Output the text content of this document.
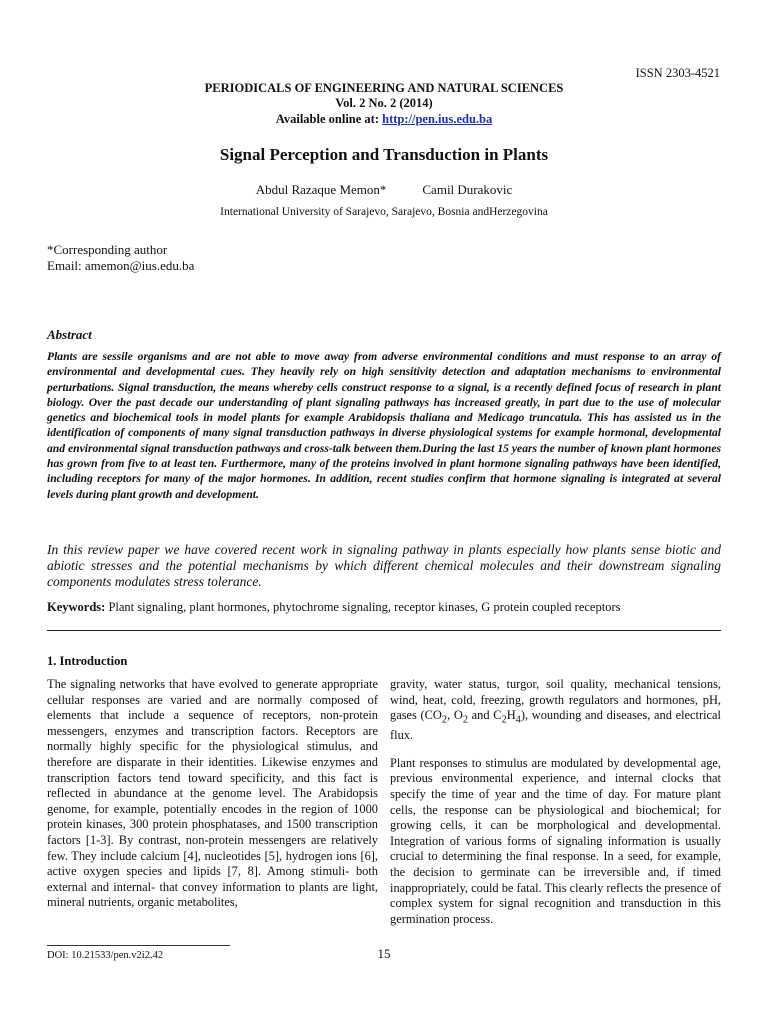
ISSN 2303-4521
PERIODICALS OF ENGINEERING AND NATURAL SCIENCES
Vol. 2 No. 2 (2014)
Available online at: http://pen.ius.edu.ba
Signal Perception and Transduction in Plants
Abdul Razaque Memon*	Camil Durakovic
International University of Sarajevo, Sarajevo, Bosnia andHerzegovina
*Corresponding author
Email: amemon@ius.edu.ba
Abstract

Plants are sessile organisms and are not able to move away from adverse environmental conditions and must response to an array of environmental and developmental cues. They heavily rely on high sensitivity detection and adaptation mechanisms to environmental perturbations. Signal transduction, the means whereby cells construct response to a signal, is a recently defined focus of research in plant biology. Over the past decade our understanding of plant signaling pathways has increased greatly, in part due to the use of molecular genetics and biochemical tools in model plants for example Arabidopsis thaliana and Medicago truncatula. This has assisted us in the identification of components of many signal transduction pathways in diverse physiological systems for example hormonal, developmental and environmental signal transduction pathways and cross-talk between them.During the last 15 years the number of known plant hormones has grown from five to at least ten. Furthermore, many of the proteins involved in plant hormone signaling pathways have been identified, including receptors for many of the major hormones. In addition, recent studies confirm that hormone signaling is integrated at several levels during plant growth and development.

In this review paper we have covered recent work in signaling pathway in plants especially how plants sense biotic and abiotic stresses and the potential mechanisms by which different chemical molecules and their downstream signaling components modulates stress tolerance.

Keywords: Plant signaling, plant hormones, phytochrome signaling, receptor kinases, G protein coupled receptors
1. Introduction

The signaling networks that have evolved to generate appropriate cellular responses are varied and are normally composed of elements that include a sequence of receptors, non-protein messengers, enzymes and transcription factors. Receptors are normally highly specific for the physiological stimulus, and therefore are disparate in their identities. Likewise enzymes and transcription factors tend toward specificity, and this fact is reflected in abundance at the genome level. The Arabidopsis genome, for example, potentially encodes in the region of 1000 protein kinases, 300 protein phosphatases, and 1500 transcription factors [1-3]. By contrast, non-protein messengers are relatively few. They include calcium [4], nucleotides [5], hydrogen ions [6], active oxygen species and lipids [7, 8]. Among stimuli- both external and internal- that convey information to plants are light, mineral nutrients, organic metabolites,

gravity, water status, turgor, soil quality, mechanical tensions, wind, heat, cold, freezing, growth regulators and hormones, pH, gases ($CO_2$, $O_2$ and $C_2H_4$), wounding and diseases, and electrical flux.

Plant responses to stimulus are modulated by developmental age, previous environmental experience, and internal clocks that specify the time of year and the time of day. For mature plant cells, the response can be physiological and biochemical; for growing cells, it can be morphological and developmental. Integration of various forms of signaling information is usually crucial to determining the final response. In a seed, for example, the decision to germinate can be irreversible and, if timed inappropriately, could be fatal. This clearly reflects the presence of complex system for signal recognition and transduction in this germination process.

DOI: 10.21533/pen.v2i2.42	15
